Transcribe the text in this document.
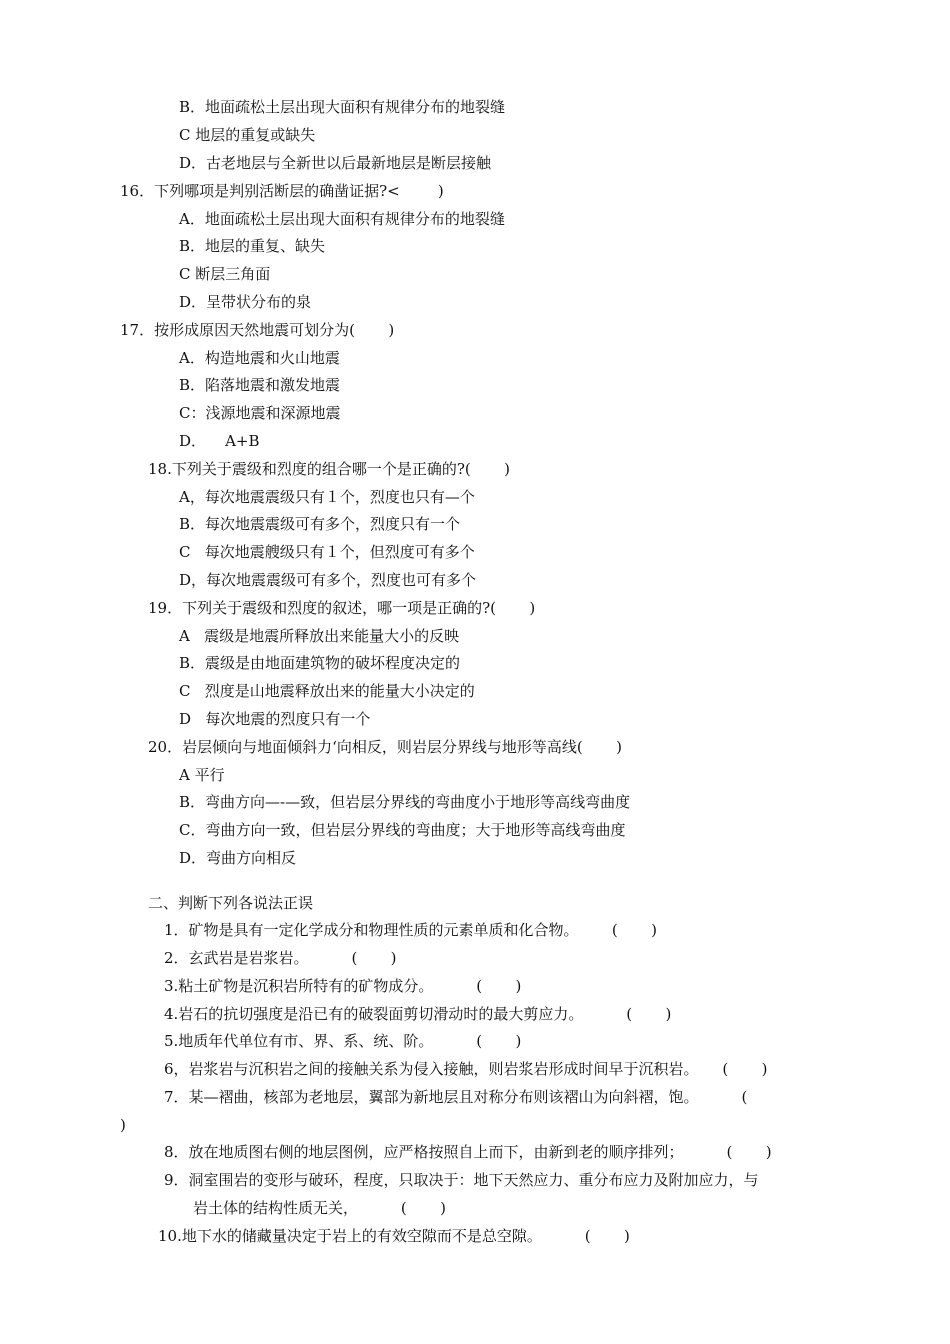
B．地面疏松土层出现大面积有规律分布的地裂缝
C 地层的重复或缺失
D．古老地层与全新世以后最新地层是断层接触
16．下列哪项是判别活断层的确凿证据?<        )
A．地面疏松土层出现大面积有规律分布的地裂缝
B．地层的重复、缺失
C 断层三角面
D．呈带状分布的泉
17．按形成原因天然地震可划分为(       )
A．构造地震和火山地震
B．陷落地震和激发地震
C：浅源地震和深源地震
D．    A+B
18.下列关于震级和烈度的组合哪一个是正确的?(       )
A，每次地震震级只有１个，烈度也只有—个
B．每次地震震级可有多个，烈度只有一个
C   每次地震艘级只有１个，但烈度可有多个
D，每次地震震级可有多个，烈度也可有多个
19．下列关于震级和烈度的叙述，哪一项是正确的?(       )
A   震级是地震所释放出来能量大小的反映
B．震级是由地面建筑物的破坏程度决定的
C   烈度是山地震释放出来的能量大小决定的
D   每次地震的烈度只有一个
20．岩层倾向与地面倾斜力‘向相反，则岩层分界线与地形等高线(       )
A 平行
B．弯曲方向—-—致，但岩层分界线的弯曲度小于地形等高线弯曲度
C．弯曲方向一致，但岩层分界线的弯曲度；大于地形等高线弯曲度
D．弯曲方向相反
二、判断下列各说法正误
1．矿物是具有一定化学成分和物理性质的元素单质和化合物。       (       )
2．玄武岩是岩浆岩。         (       )
3.粘土矿物是沉积岩所特有的矿物成分。         (       )
4.岩石的抗切强度是沿已有的破裂面剪切滑动时的最大剪应力。         (       )
5.地质年代单位有市、界、系、统、阶。         (       )
6，岩浆岩与沉积岩之间的接触关系为侵入接触，则岩浆岩形成时间早于沉积岩。     (       )
7．某—褶曲，核部为老地层，翼部为新地层且对称分布则该褶山为向斜褶，饱。         (
)
8．放在地质图右侧的地层图例，应严格按照自上而下，由新到老的顺序排列；         (       )
9．洞室围岩的变形与破环，程度，只取决于：地下天然应力、重分布应力及附加应力，与
岩土体的结构性质无关，         (       )
10.地下水的储藏量决定于岩上的有效空隙而不是总空隙。         (       )
